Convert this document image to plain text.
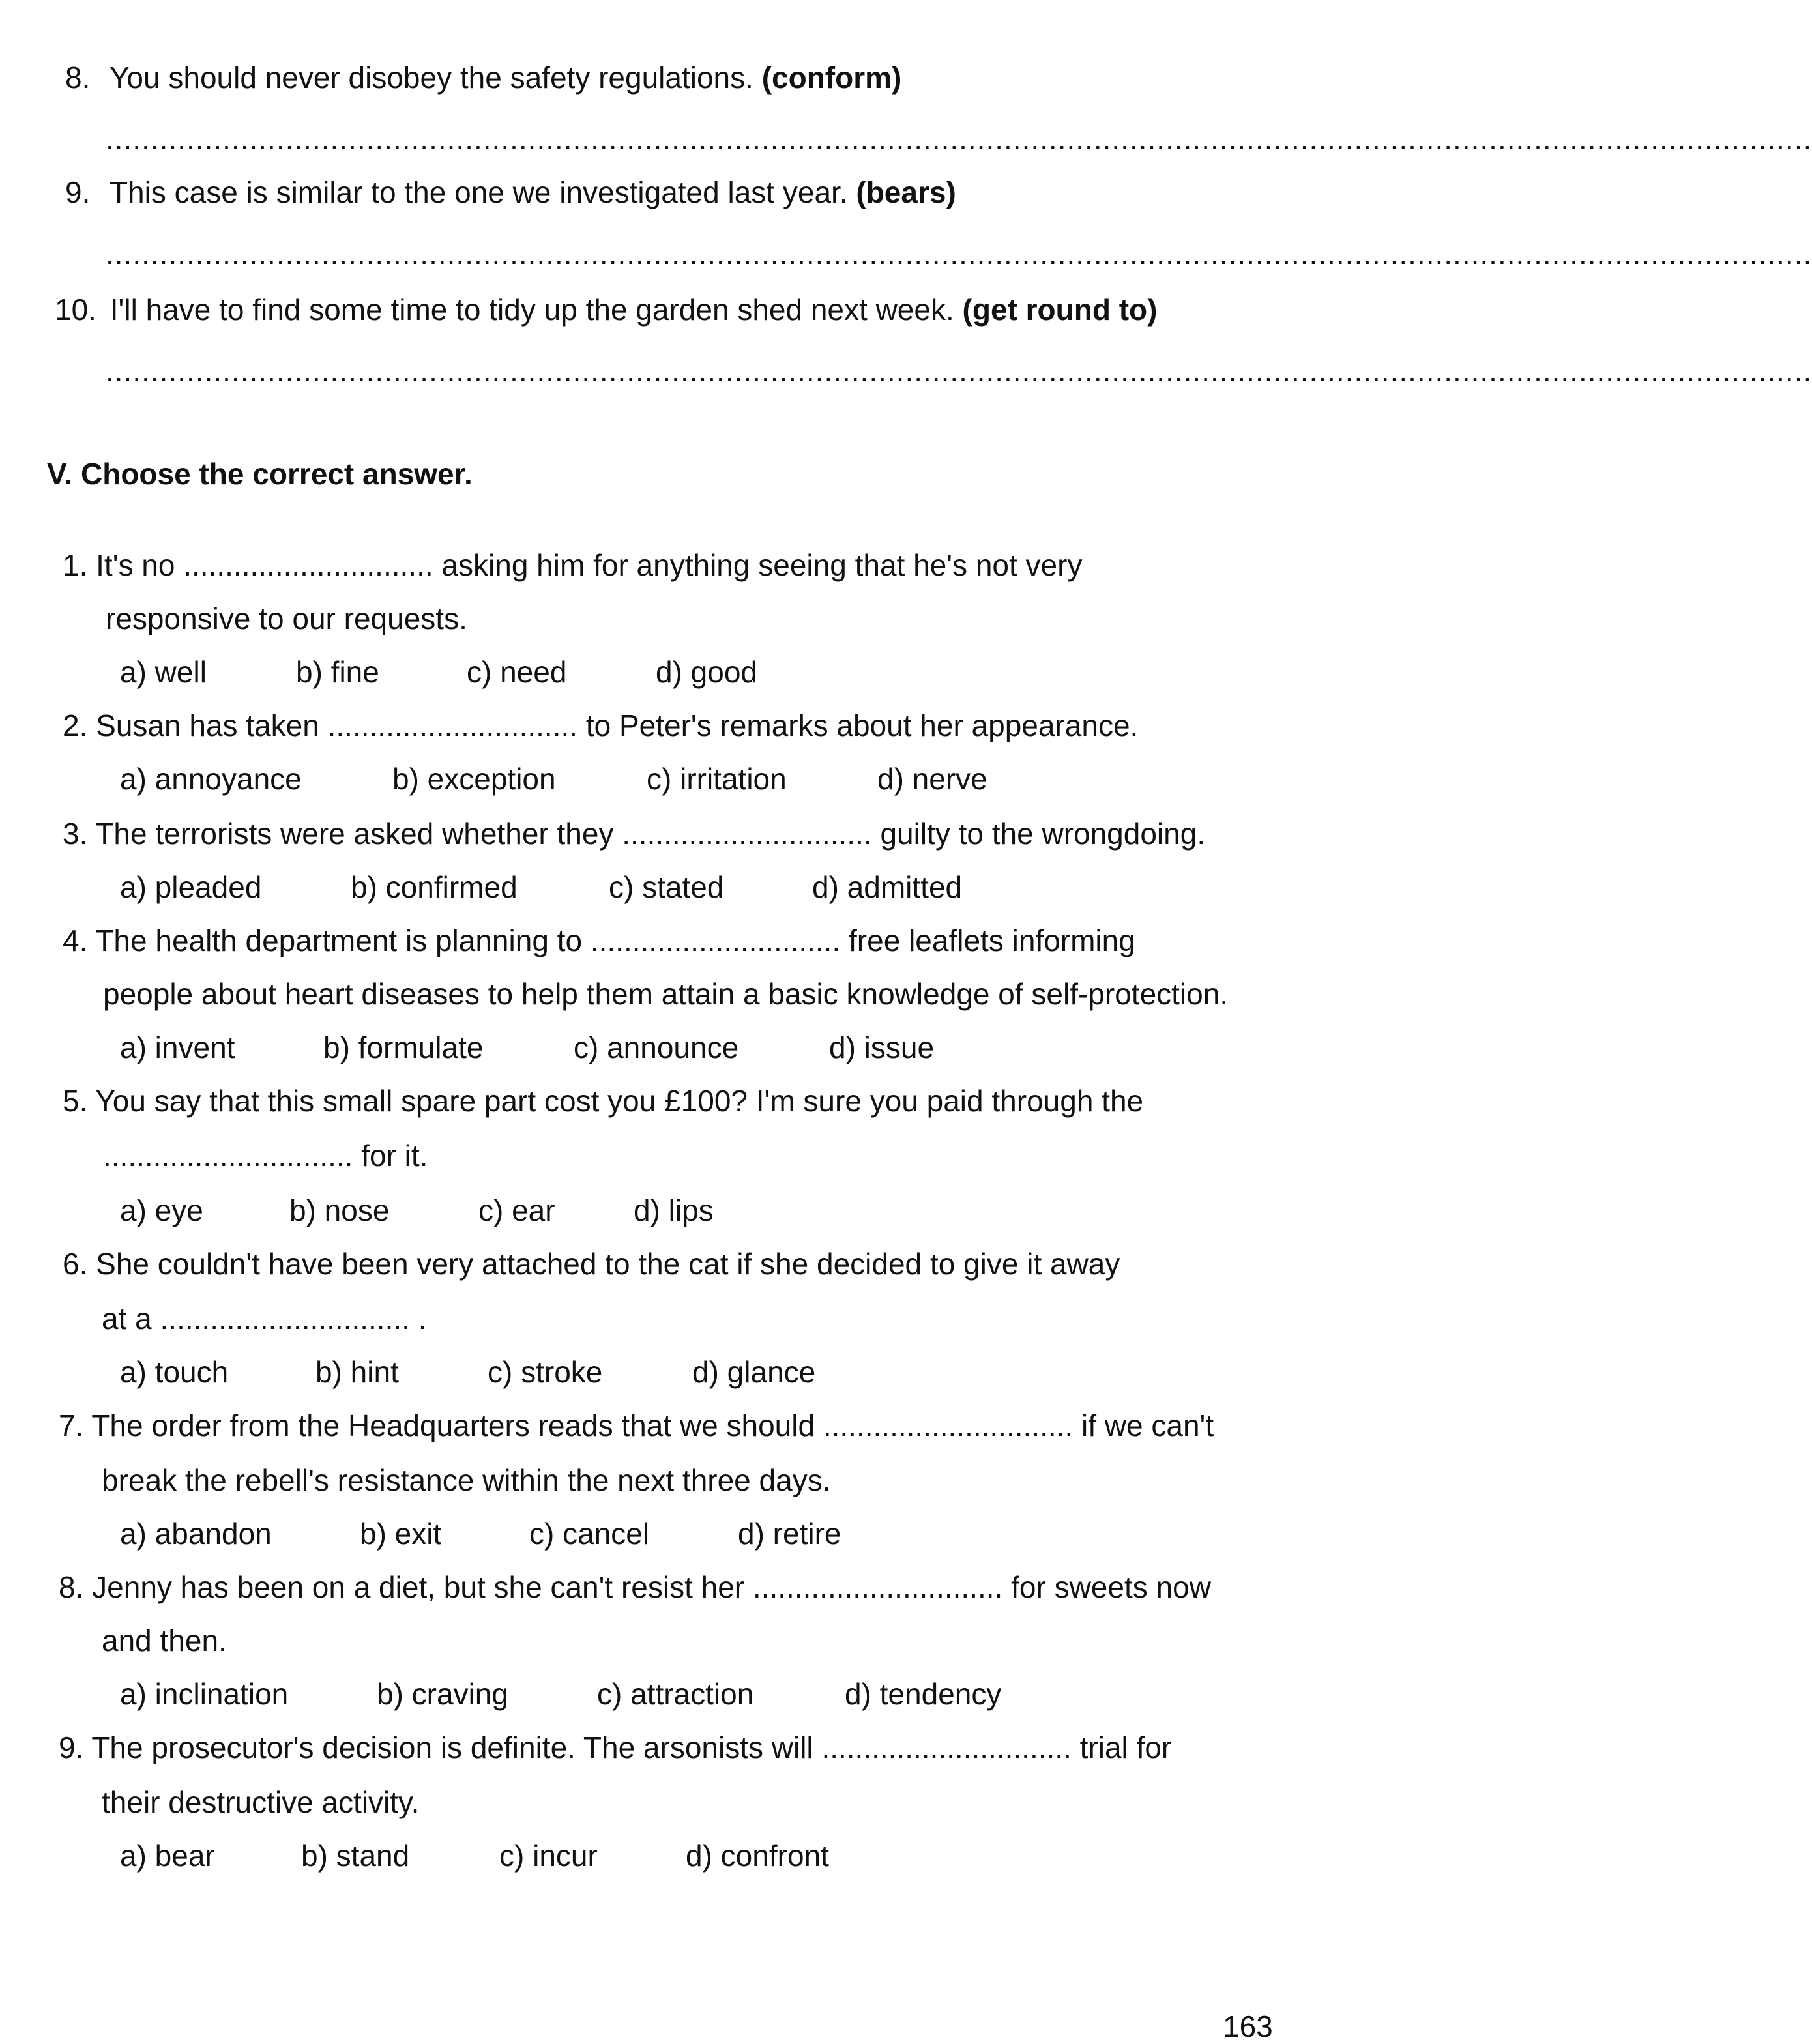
8. You should never disobey the safety regulations. (conform)
..............................................................................................................................................................................................
9. This case is similar to the one we investigated last year. (bears)
..............................................................................................................................................................................................
10. I'll have to find some time to tidy up the garden shed next week. (get round to)
..............................................................................................................................................................................................
V. Choose the correct answer.
1. It's no .............................. asking him for anything seeing that he's not very
responsive to our requests.
a) well	b) fine	c) need	d) good
2. Susan has taken .............................. to Peter's remarks about her appearance.
a) annoyance	b) exception	c) irritation	d) nerve
3. The terrorists were asked whether they .............................. guilty to the wrongdoing.
a) pleaded	b) confirmed	c) stated	d) admitted
4. The health department is planning to .............................. free leaflets informing
people about heart diseases to help them attain a basic knowledge of self-protection.
a) invent	b) formulate	c) announce	d) issue
5. You say that this small spare part cost you £100? I'm sure you paid through the
.............................. for it.
a) eye	b) nose	c) ear	d) lips
6. She couldn't have been very attached to the cat if she decided to give it away
at a .............................. .
a) touch	b) hint	c) stroke	d) glance
7. The order from the Headquarters reads that we should .............................. if we can't
break the rebell's resistance within the next three days.
a) abandon	b) exit	c) cancel	d) retire
8. Jenny has been on a diet, but she can't resist her .............................. for sweets now
and then.
a) inclination	b) craving	c) attraction	d) tendency
9. The prosecutor's decision is definite. The arsonists will .............................. trial for
their destructive activity.
a) bear	b) stand	c) incur	d) confront
163
